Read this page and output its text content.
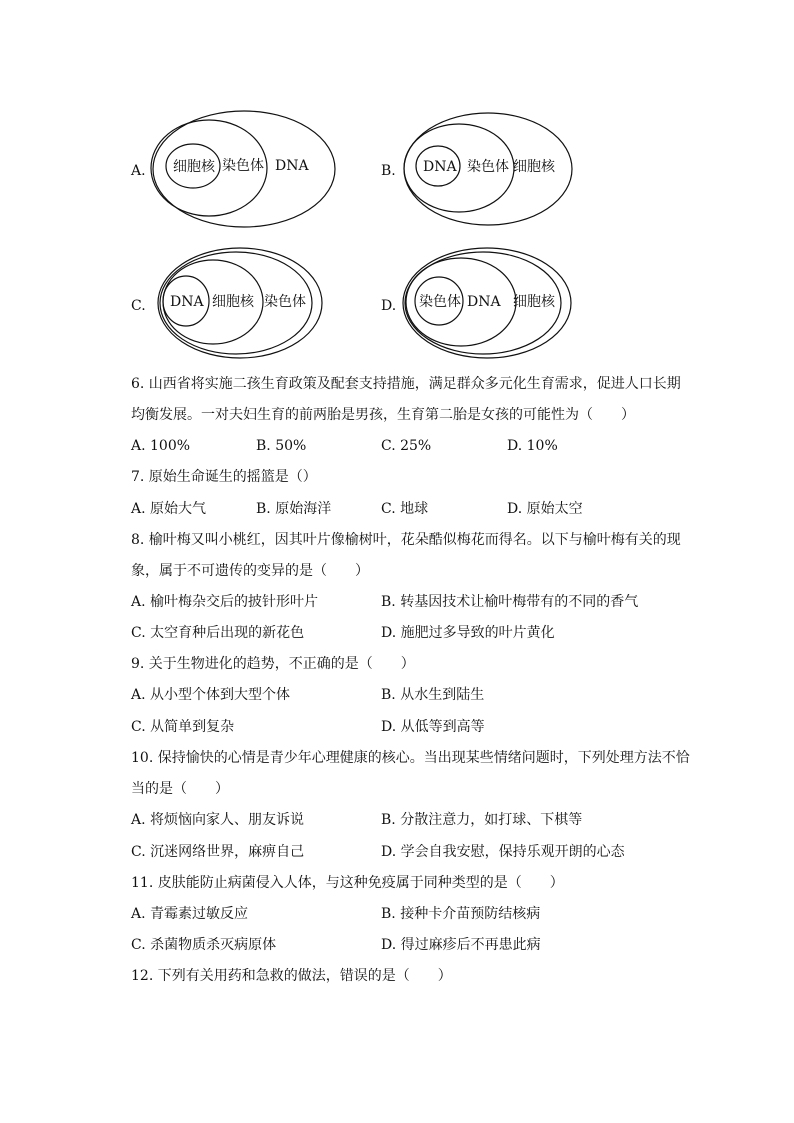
A. 细胞核 染色体 DNA	B. DNA 染色体 细胞核
C. DNA 细胞核 染色体	D. 染色体 DNA 细胞核
6. 山西省将实施二孩生育政策及配套支持措施，满足群众多元化生育需求，促进人口长期
均衡发展。一对夫妇生育的前两胎是男孩，生育第二胎是女孩的可能性为（　　）
A. 100%	B. 50%	C. 25%	D. 10%
7. 原始生命诞生的摇篮是（）
A. 原始大气	B. 原始海洋	C. 地球	D. 原始太空
8. 榆叶梅又叫小桃红，因其叶片像榆树叶，花朵酷似梅花而得名。以下与榆叶梅有关的现
象，属于不可遗传的变异的是（　　）
A. 榆叶梅杂交后的披针形叶片	B. 转基因技术让榆叶梅带有的不同的香气
C. 太空育种后出现的新花色	D. 施肥过多导致的叶片黄化
9. 关于生物进化的趋势，不正确的是（　　）
A. 从小型个体到大型个体	B. 从水生到陆生
C. 从简单到复杂	D. 从低等到高等
10. 保持愉快的心情是青少年心理健康的核心。当出现某些情绪问题时，下列处理方法不恰
当的是（　　）
A. 将烦恼向家人、朋友诉说	B. 分散注意力，如打球、下棋等
C. 沉迷网络世界，麻痹自己	D. 学会自我安慰，保持乐观开朗的心态
11. 皮肤能防止病菌侵入人体，与这种免疫属于同种类型的是（　　）
A. 青霉素过敏反应	B. 接种卡介苗预防结核病
C. 杀菌物质杀灭病原体	D. 得过麻疹后不再患此病
12. 下列有关用药和急救的做法，错误的是（　　）
